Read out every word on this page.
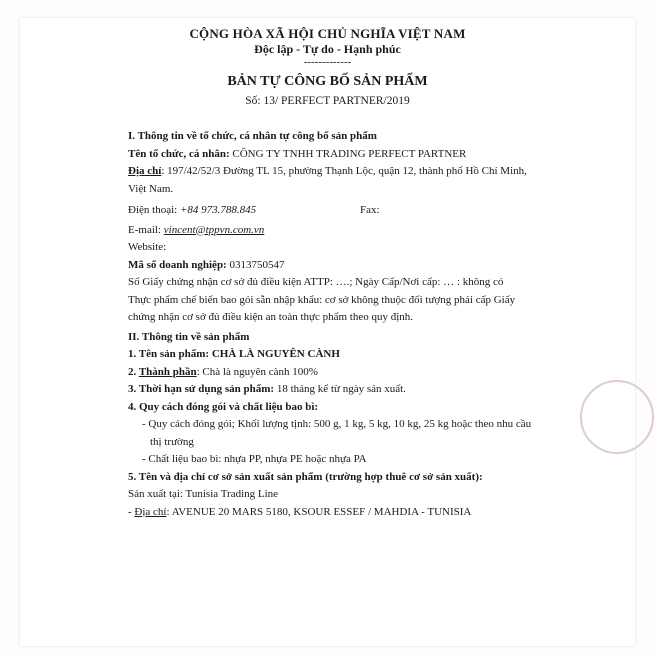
CỘNG HÒA XÃ HỘI CHỦ NGHĨA VIỆT NAM
Độc lập - Tự do - Hạnh phúc
-------------
BẢN TỰ CÔNG BỐ SẢN PHẨM
Số: 13/ PERFECT PARTNER/2019
I. Thông tin về tổ chức, cá nhân tự công bố sản phẩm
Tên tổ chức, cá nhân: CÔNG TY TNHH TRADING PERFECT PARTNER
Địa chỉ: 197/42/52/3 Đường TL 15, phường Thạnh Lộc, quận 12, thành phố Hồ Chí Minh,
Việt Nam.
Điện thoại: +84 973.788.845	Fax:
E-mail: vincent@tppvn.com.vn
Website:
Mã số doanh nghiệp: 0313750547
Số Giấy chứng nhận cơ sở đủ điều kiện ATTP: ….; Ngày Cấp/Nơi cấp: … : không có
Thực phẩm chế biến bao gói sẵn nhập khẩu: cơ sở không thuộc đối tượng phải cấp Giấy
chứng nhận cơ sở đủ điều kiện an toàn thực phẩm theo quy định.
II. Thông tin về sản phẩm
1. Tên sản phẩm: CHÀ LÀ NGUYÊN CÀNH
2. Thành phần: Chà là nguyên cành 100%
3. Thời hạn sử dụng sản phẩm: 18 tháng kể từ ngày sản xuất.
4. Quy cách đóng gói và chất liệu bao bì:
- Quy cách đóng gói; Khối lượng tịnh: 500 g, 1 kg, 5 kg, 10 kg, 25 kg hoặc theo nhu cầu
thị trường
- Chất liệu bao bì: nhựa PP, nhựa PE hoặc nhựa PA
5. Tên và địa chỉ cơ sở sản xuất sản phẩm (trường hợp thuê cơ sở sản xuất):
Sản xuất tại: Tunisia Trading Line
- Địa chỉ: AVENUE 20 MARS 5180, KSOUR ESSEF / MAHDIA - TUNISIA
